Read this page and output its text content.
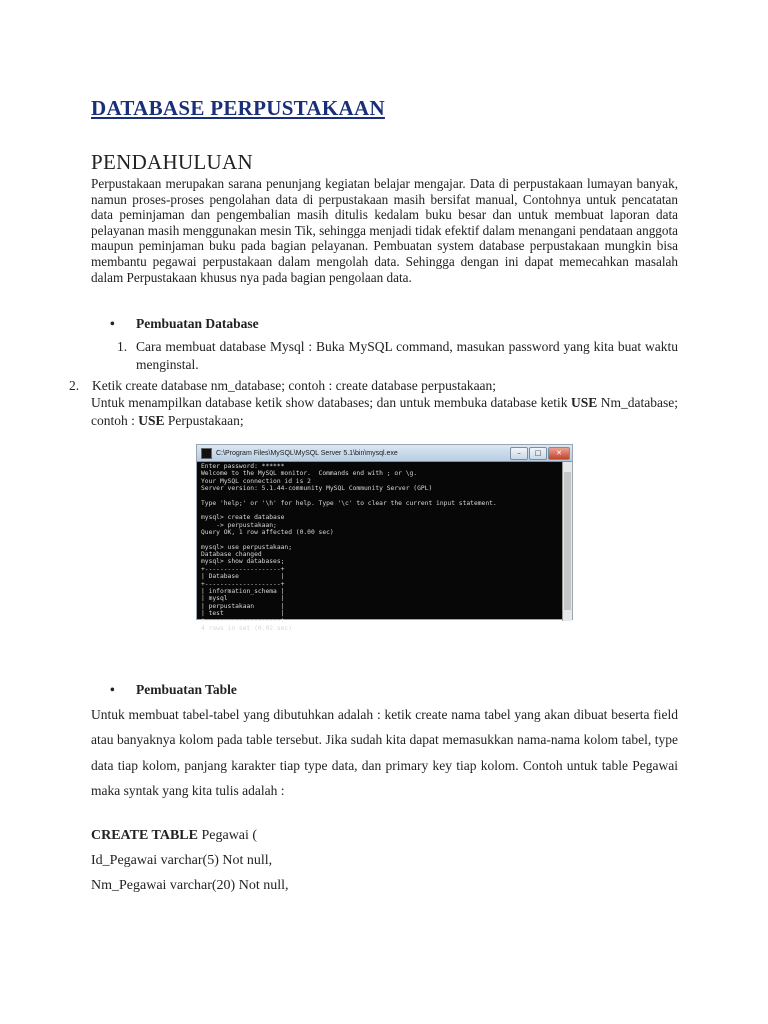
DATABASE PERPUSTAKAAN
PENDAHULUAN

Perpustakaan merupakan sarana penunjang kegiatan belajar mengajar. Data di perpustakaan lumayan banyak, namun proses-proses pengolahan data di perpustakaan masih bersifat manual, Contohnya untuk pencatatan data peminjaman dan pengembalian masih ditulis kedalam buku besar dan untuk membuat laporan data pelayanan masih menggunakan mesin Tik, sehingga menjadi tidak efektif dalam menangani pendataan anggota maupun peminjaman buku pada bagian pelayanan. Pembuatan system database perpustakaan mungkin bisa membantu pegawai perpustakaan dalam mengolah data. Sehingga dengan ini dapat memecahkan masalah dalam Perpustakaan khusus nya pada bagian pengolaan data.

• Pembuatan Database
1. Cara membuat database Mysql : Buka MySQL command, masukan password yang kita buat waktu menginstal.
2. Ketik create database nm_database; contoh : create database perpustakaan;
Untuk menampilkan database ketik show databases; dan untuk membuka database ketik USE Nm_database; contoh : USE Perpustakaan;
C:\Program Files\MySQL\MySQL Server 5.1\bin\mysql.exe	–	□	✕
Enter password: ******
Welcome to the MySQL monitor.  Commands end with ; or \g.
Your MySQL connection id is 2
Server version: 5.1.44-community MySQL Community Server (GPL)

Type 'help;' or '\h' for help. Type '\c' to clear the current input statement.

mysql> create database
-> perpustakaan;
Query OK, 1 row affected (0.00 sec)

mysql> use perpustakaan;
Database changed
mysql> show databases;
+--------------------+
| Database           |
+--------------------+
| information_schema |
| mysql              |
| perpustakaan       |
| test               |
+--------------------+
4 rows in set (0.02 sec)
• Pembuatan Table
Untuk membuat tabel-tabel yang dibutuhkan adalah : ketik create nama tabel yang akan dibuat beserta field atau banyaknya kolom pada table tersebut. Jika sudah kita dapat memasukkan nama-nama kolom tabel, type data tiap kolom, panjang karakter tiap type data, dan primary key tiap kolom. Contoh untuk table Pegawai maka syntak yang kita tulis adalah :
CREATE TABLE Pegawai (
Id_Pegawai varchar(5) Not null,
Nm_Pegawai varchar(20) Not null,
